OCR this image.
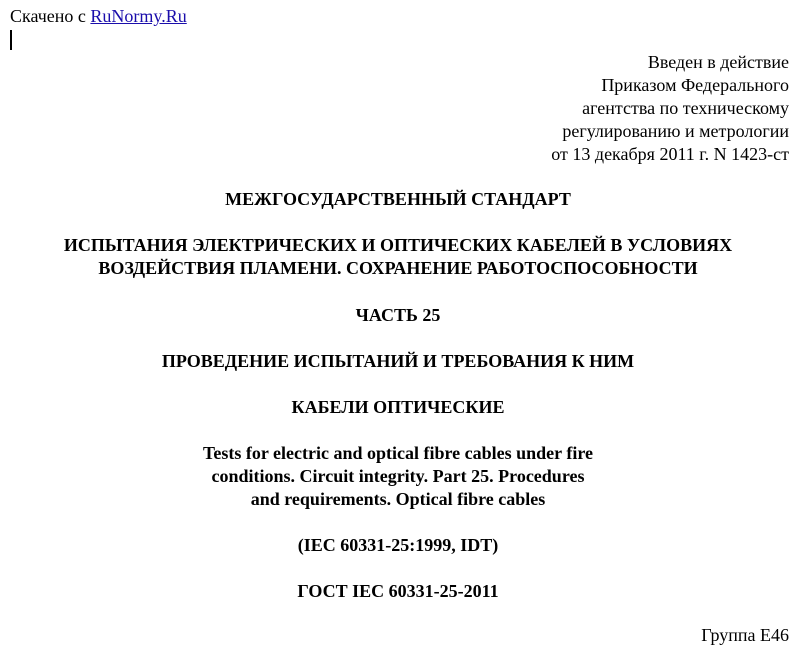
Скачено с RuNormy.Ru
Введен в действие
Приказом Федерального
агентства по техническому
регулированию и метрологии
от 13 декабря 2011 г. N 1423-ст
МЕЖГОСУДАРСТВЕННЫЙ СТАНДАРТ
ИСПЫТАНИЯ ЭЛЕКТРИЧЕСКИХ И ОПТИЧЕСКИХ КАБЕЛЕЙ В УСЛОВИЯХ
ВОЗДЕЙСТВИЯ ПЛАМЕНИ. СОХРАНЕНИЕ РАБОТОСПОСОБНОСТИ
ЧАСТЬ 25
ПРОВЕДЕНИЕ ИСПЫТАНИЙ И ТРЕБОВАНИЯ К НИМ
КАБЕЛИ ОПТИЧЕСКИЕ
Tests for electric and optical fibre cables under fire
conditions. Circuit integrity. Part 25. Procedures
and requirements. Optical fibre cables
(IEC 60331-25:1999, IDT)
ГОСТ IEC 60331-25-2011
Группа E46
